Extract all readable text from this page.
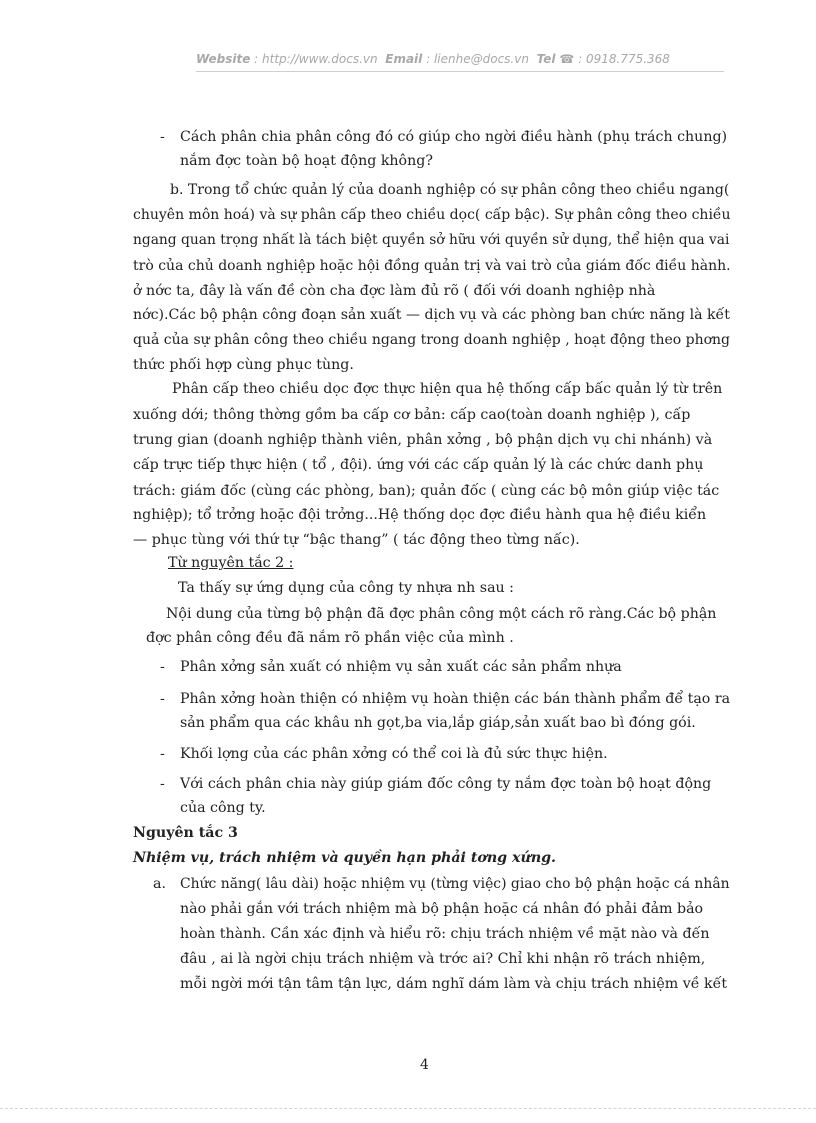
Website : http://www.docs.vn Email : lienhe@docs.vn Tel ☎ : 0918.775.368
- Cách phân chia phân công đó có giúp cho ngời điều hành (phụ trách chung)
nắm đợc toàn bộ hoạt động không?
b. Trong tổ chức quản lý của doanh nghiệp có sự phân công theo chiều ngang(
chuyên môn hoá) và sự phân cấp theo chiều dọc( cấp bậc). Sự phân công theo chiều
ngang quan trọng nhất là tách biệt quyền sở hữu với quyền sử dụng, thể hiện qua vai
trò của chủ doanh nghiệp hoặc hội đồng quản trị và vai trò của giám đốc điều hành.
ở nớc ta, đây là vấn đề còn cha đợc làm đủ rõ ( đối với doanh nghiệp nhà
nớc).Các bộ phận công đoạn sản xuất — dịch vụ và các phòng ban chức năng là kết
quả của sự phân công theo chiều ngang trong doanh nghiệp , hoạt động theo phơng
thức phối hợp cùng phục tùng.
Phân cấp theo chiều dọc đợc thực hiện qua hệ thống cấp bấc quản lý từ trên
xuống dới; thông thờng gồm ba cấp cơ bản: cấp cao(toàn doanh nghiệp ), cấp
trung gian (doanh nghiệp thành viên, phân xởng , bộ phận dịch vụ chi nhánh) và
cấp trực tiếp thực hiện ( tổ , đội). ứng với các cấp quản lý là các chức danh phụ
trách: giám đốc (cùng các phòng, ban); quản đốc ( cùng các bộ môn giúp việc tác
nghiệp); tổ trởng hoặc đội trởng...Hệ thống dọc đợc điều hành qua hệ điều kiển
— phục tùng với thứ tự “bậc thang” ( tác động theo từng nấc).
Từ nguyên tắc 2 :
Ta thấy sự ứng dụng của công ty nhựa nh sau :
Nội dung của từng bộ phận đã đợc phân công một cách rõ ràng.Các bộ phận
đợc phân công đều đã nắm rõ phần việc của mình .
- Phân xởng sản xuất có nhiệm vụ sản xuất các sản phẩm nhựa
- Phân xởng hoàn thiện có nhiệm vụ hoàn thiện các bán thành phẩm để tạo ra
sản phẩm qua các khâu nh gọt,ba via,lắp giáp,sản xuất bao bì đóng gói.
- Khối lợng của các phân xởng có thể coi là đủ sức thực hiện.
- Với cách phân chia này giúp giám đốc công ty nắm đợc toàn bộ hoạt động
của công ty.
Nguyên tắc 3
Nhiệm vụ, trách nhiệm và quyền hạn phải tơng xứng.
a. Chức năng( lâu dài) hoặc nhiệm vụ (từng việc) giao cho bộ phận hoặc cá nhân
nào phải gắn với trách nhiệm mà bộ phận hoặc cá nhân đó phải đảm bảo
hoàn thành. Cần xác định và hiểu rõ: chịu trách nhiệm về mặt nào và đến
đâu , ai là ngời chịu trách nhiệm và trớc ai? Chỉ khi nhận rõ trách nhiệm,
mỗi ngời mới tận tâm tận lực, dám nghĩ dám làm và chịu trách nhiệm về kết
4
